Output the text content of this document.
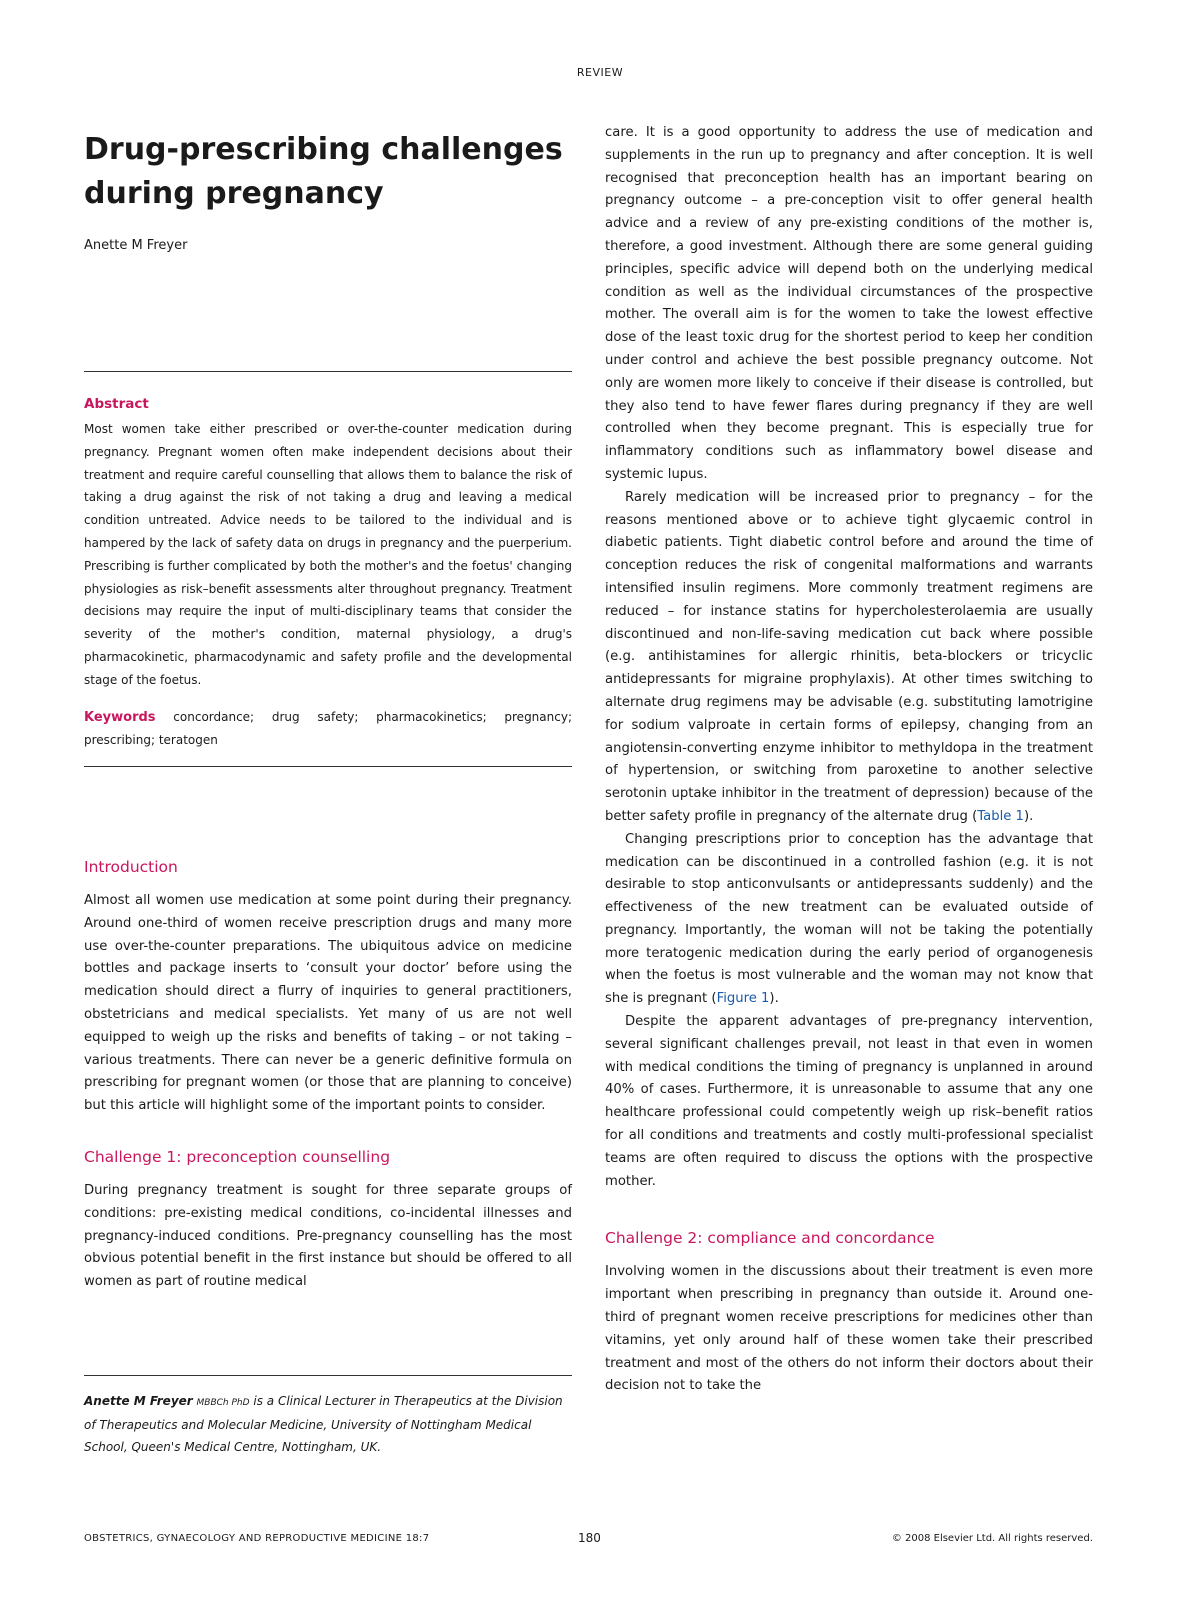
REVIEW
Drug-prescribing challenges
during pregnancy
Anette M Freyer
Abstract

Most women take either prescribed or over-the-counter medication during pregnancy. Pregnant women often make independent decisions about their treatment and require careful counselling that allows them to balance the risk of taking a drug against the risk of not taking a drug and leaving a medical condition untreated. Advice needs to be tailored to the individual and is hampered by the lack of safety data on drugs in pregnancy and the puerperium. Prescribing is further complicated by both the mother's and the foetus' changing physiologies as risk–benefit assessments alter throughout pregnancy. Treatment decisions may require the input of multi-disciplinary teams that consider the severity of the mother's condition, maternal physiology, a drug's pharmacokinetic, pharmacodynamic and safety profile and the developmental stage of the foetus.

Keywords concordance; drug safety; pharmacokinetics; pregnancy; prescribing; teratogen

Introduction

Almost all women use medication at some point during their pregnancy. Around one-third of women receive prescription drugs and many more use over-the-counter preparations. The ubiquitous advice on medicine bottles and package inserts to ‘consult your doctor’ before using the medication should direct a flurry of inquiries to general practitioners, obstetricians and medical specialists. Yet many of us are not well equipped to weigh up the risks and benefits of taking – or not taking – various treatments. There can never be a generic definitive formula on prescribing for pregnant women (or those that are planning to conceive) but this article will highlight some of the important points to consider.

Challenge 1: preconception counselling

During pregnancy treatment is sought for three separate groups of conditions: pre-existing medical conditions, co-incidental illnesses and pregnancy-induced conditions. Pre-pregnancy counselling has the most obvious potential benefit in the first instance but should be offered to all women as part of routine medical

Anette M Freyer MBBCh PhD is a Clinical Lecturer in Therapeutics at the Division of Therapeutics and Molecular Medicine, University of Nottingham Medical School, Queen's Medical Centre, Nottingham, UK.

care. It is a good opportunity to address the use of medication and supplements in the run up to pregnancy and after conception. It is well recognised that preconception health has an important bearing on pregnancy outcome – a pre-conception visit to offer general health advice and a review of any pre-existing conditions of the mother is, therefore, a good investment. Although there are some general guiding principles, specific advice will depend both on the underlying medical condition as well as the individual circumstances of the prospective mother. The overall aim is for the women to take the lowest effective dose of the least toxic drug for the shortest period to keep her condition under control and achieve the best possible pregnancy outcome. Not only are women more likely to conceive if their disease is controlled, but they also tend to have fewer flares during pregnancy if they are well controlled when they become pregnant. This is especially true for inflammatory conditions such as inflammatory bowel disease and systemic lupus.

Rarely medication will be increased prior to pregnancy – for the reasons mentioned above or to achieve tight glycaemic control in diabetic patients. Tight diabetic control before and around the time of conception reduces the risk of congenital malformations and warrants intensified insulin regimens. More commonly treatment regimens are reduced – for instance statins for hypercholesterolaemia are usually discontinued and non-life-saving medication cut back where possible (e.g. antihistamines for allergic rhinitis, beta-blockers or tricyclic antidepressants for migraine prophylaxis). At other times switching to alternate drug regimens may be advisable (e.g. substituting lamotrigine for sodium valproate in certain forms of epilepsy, changing from an angiotensin-converting enzyme inhibitor to methyldopa in the treatment of hypertension, or switching from paroxetine to another selective serotonin uptake inhibitor in the treatment of depression) because of the better safety profile in pregnancy of the alternate drug (Table 1).

Changing prescriptions prior to conception has the advantage that medication can be discontinued in a controlled fashion (e.g. it is not desirable to stop anticonvulsants or antidepressants suddenly) and the effectiveness of the new treatment can be evaluated outside of pregnancy. Importantly, the woman will not be taking the potentially more teratogenic medication during the early period of organogenesis when the foetus is most vulnerable and the woman may not know that she is pregnant (Figure 1).

Despite the apparent advantages of pre-pregnancy intervention, several significant challenges prevail, not least in that even in women with medical conditions the timing of pregnancy is unplanned in around 40% of cases. Furthermore, it is unreasonable to assume that any one healthcare professional could competently weigh up risk–benefit ratios for all conditions and treatments and costly multi-professional specialist teams are often required to discuss the options with the prospective mother.

Challenge 2: compliance and concordance

Involving women in the discussions about their treatment is even more important when prescribing in pregnancy than outside it. Around one-third of pregnant women receive prescriptions for medicines other than vitamins, yet only around half of these women take their prescribed treatment and most of the others do not inform their doctors about their decision not to take the

OBSTETRICS, GYNAECOLOGY AND REPRODUCTIVE MEDICINE 18:7	180	© 2008 Elsevier Ltd. All rights reserved.
